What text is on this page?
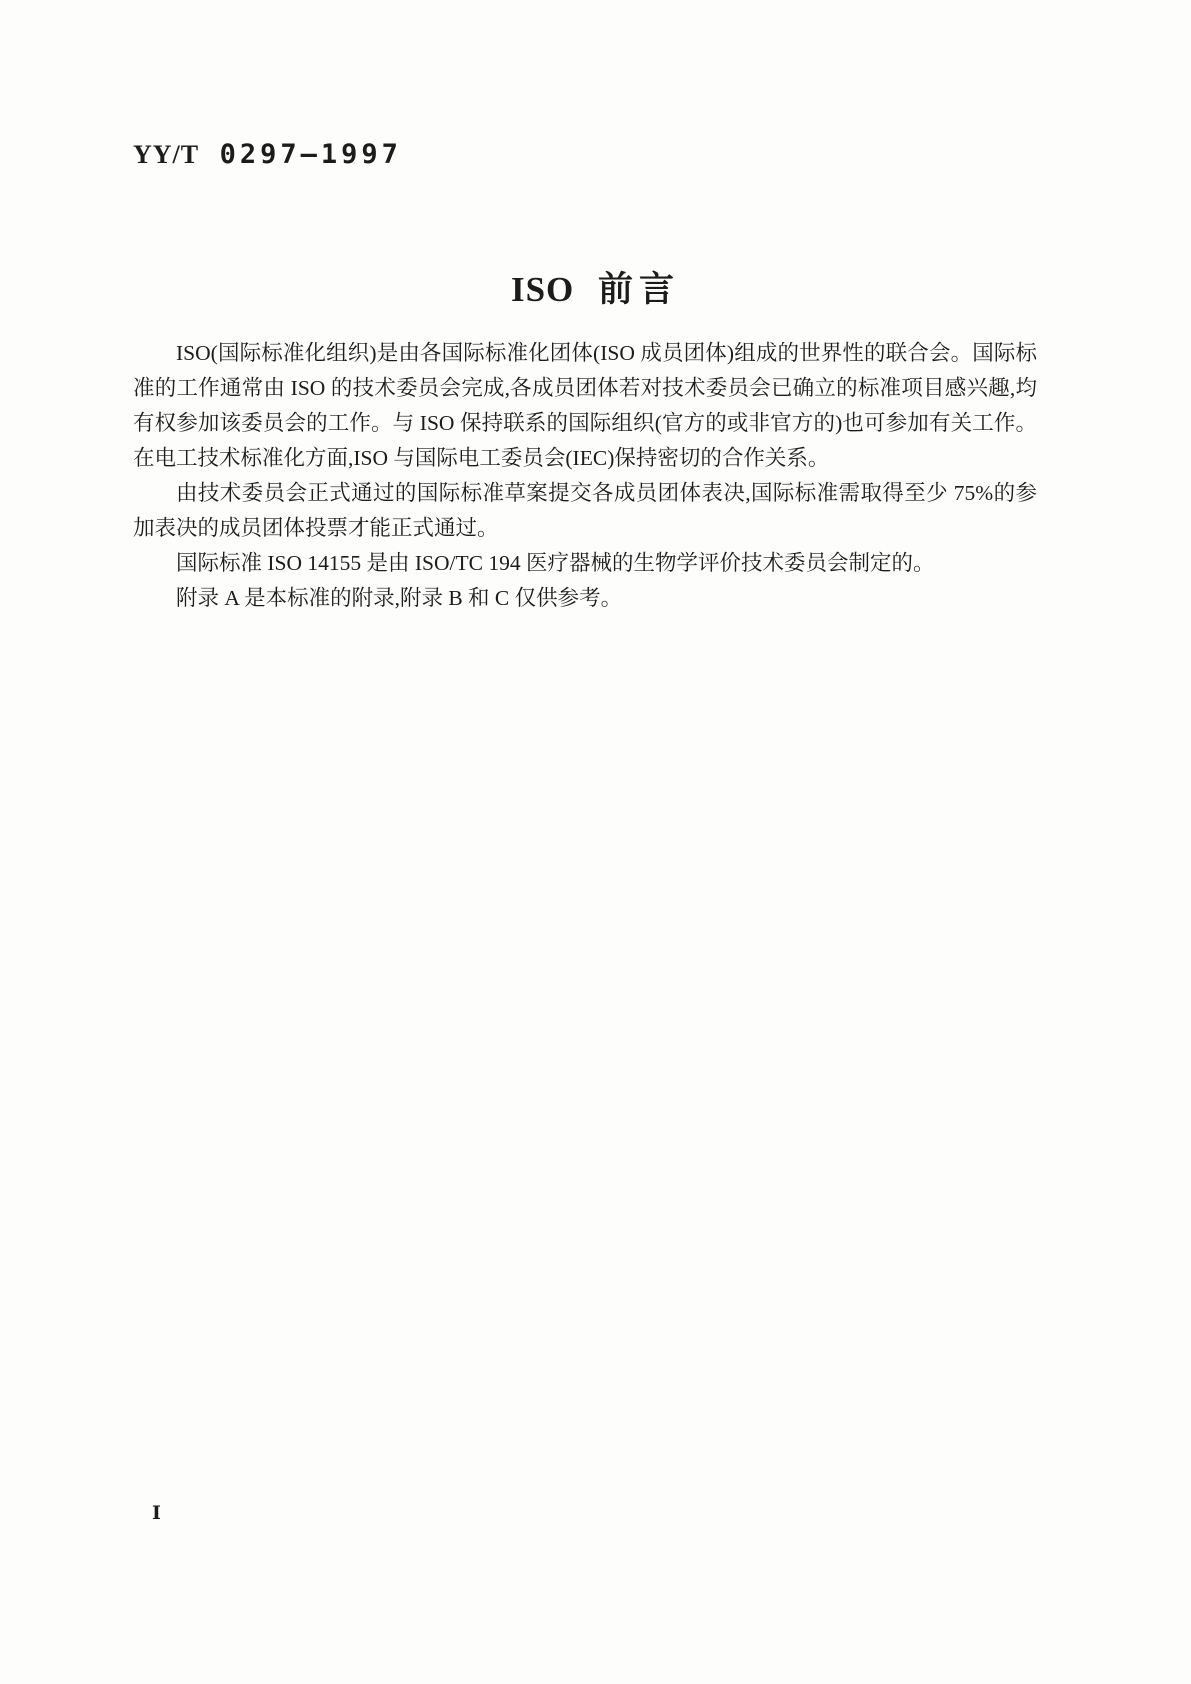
YY/T 0297—1997
ISO 前言

ISO(国际标准化组织)是由各国际标准化团体(ISO 成员团体)组成的世界性的联合会。国际标准的工作通常由 ISO 的技术委员会完成,各成员团体若对技术委员会已确立的标准项目感兴趣,均有权参加该委员会的工作。与 ISO 保持联系的国际组织(官方的或非官方的)也可参加有关工作。在电工技术标准化方面,ISO 与国际电工委员会(IEC)保持密切的合作关系。

由技术委员会正式通过的国际标准草案提交各成员团体表决,国际标准需取得至少 75%的参加表决的成员团体投票才能正式通过。

国际标准 ISO 14155 是由 ISO/TC 194 医疗器械的生物学评价技术委员会制定的。

附录 A 是本标准的附录,附录 B 和 C 仅供参考。

Ⅰ
